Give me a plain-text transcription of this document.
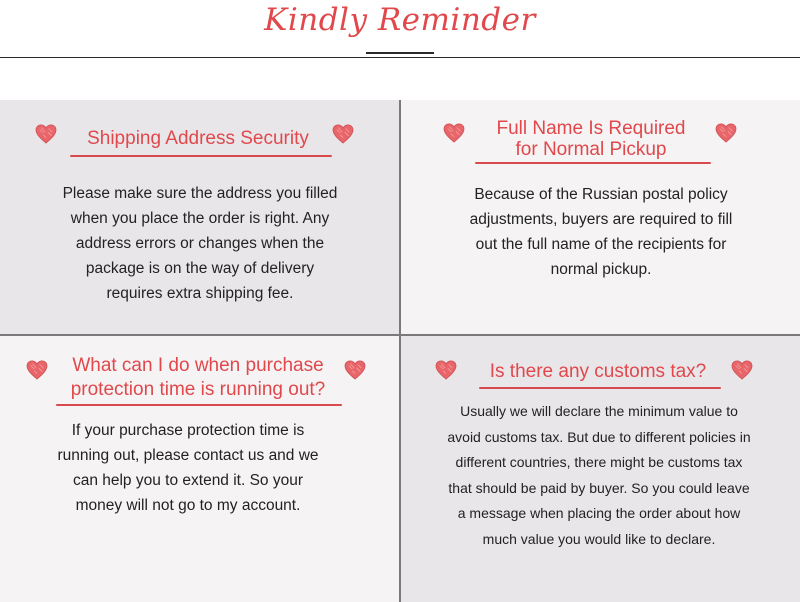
Kindly Reminder
Shipping Address Security
Please make sure the address you filled
when you place the order is right. Any
address errors or changes when the
package is on the way of delivery
requires extra shipping fee.
Full Name Is Required
for Normal Pickup
Because of the Russian postal policy
adjustments, buyers are required to fill
out the full name of the recipients for
normal pickup.
What can I do when purchase
protection time is running out?
If your purchase protection time is
running out, please contact us and we
can help you to extend it. So your
money will not go to my account.
Is there any customs tax?
Usually we will declare the minimum value to
avoid customs tax. But due to different policies in
different countries, there might be customs tax
that should be paid by buyer. So you could leave
a message when placing the order about how
much value you would like to declare.
